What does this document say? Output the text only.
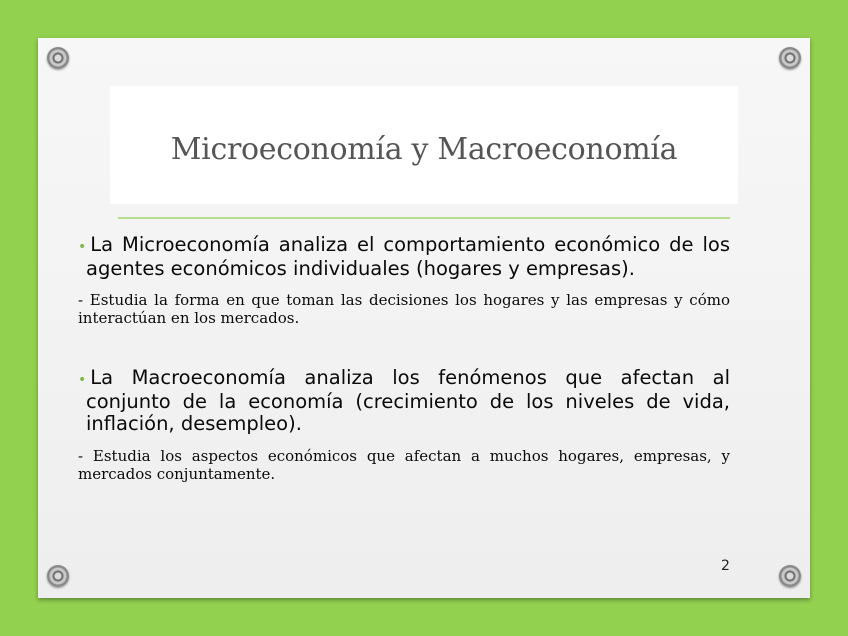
Microeconomía y Macroeconomía
• La Microeconomía analiza el comportamiento económico de los agentes económicos individuales (hogares y empresas).
- Estudia la forma en que toman las decisiones los hogares y las empresas y cómo interactúan en los mercados.
• La Macroeconomía analiza los fenómenos que afectan al conjunto de la economía (crecimiento de los niveles de vida, inflación, desempleo).
- Estudia los aspectos económicos que afectan a muchos hogares, empresas, y mercados conjuntamente.
2
